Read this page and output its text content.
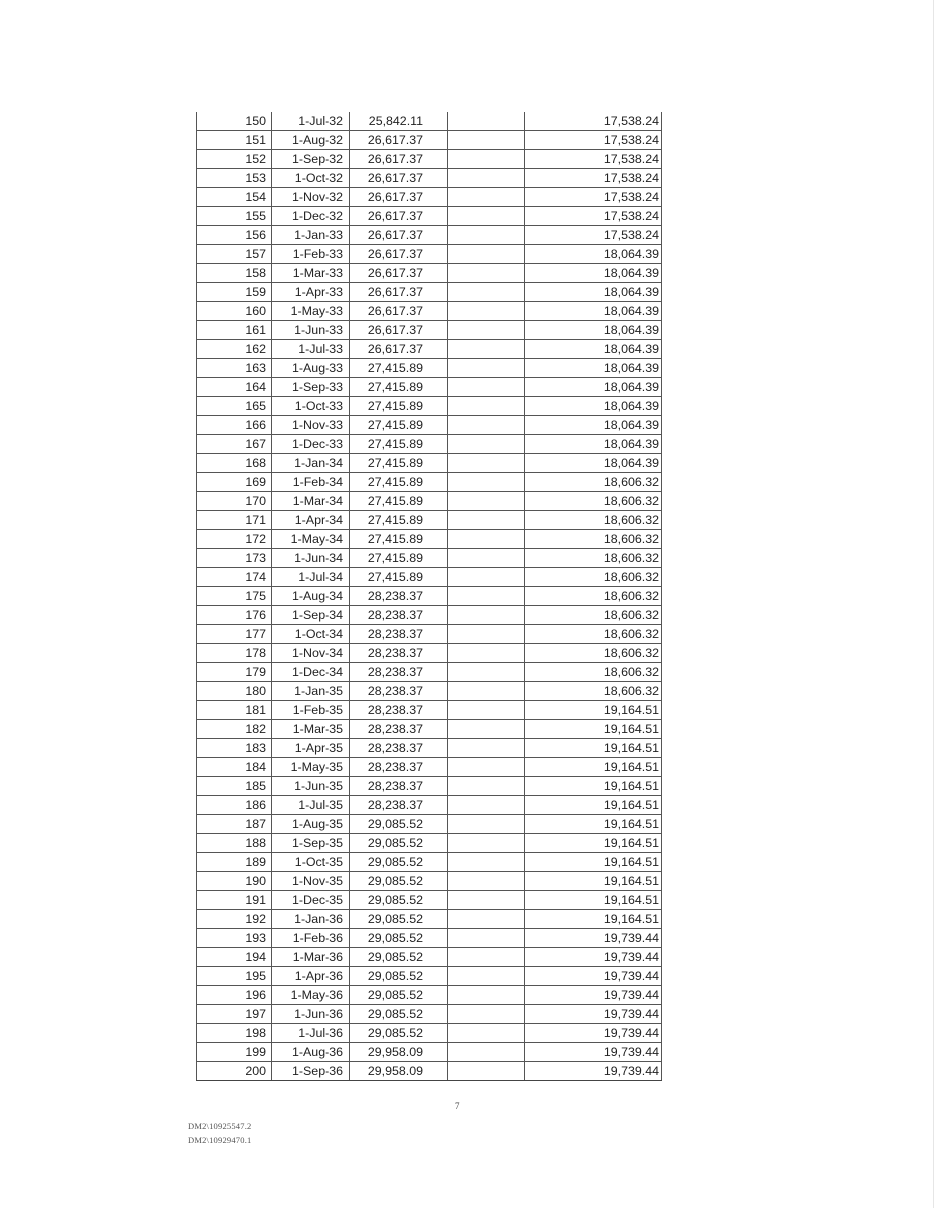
150	1-Jul-32	25,842.11		17,538.24
151	1-Aug-32	26,617.37		17,538.24
152	1-Sep-32	26,617.37		17,538.24
153	1-Oct-32	26,617.37		17,538.24
154	1-Nov-32	26,617.37		17,538.24
155	1-Dec-32	26,617.37		17,538.24
156	1-Jan-33	26,617.37		17,538.24
157	1-Feb-33	26,617.37		18,064.39
158	1-Mar-33	26,617.37		18,064.39
159	1-Apr-33	26,617.37		18,064.39
160	1-May-33	26,617.37		18,064.39
161	1-Jun-33	26,617.37		18,064.39
162	1-Jul-33	26,617.37		18,064.39
163	1-Aug-33	27,415.89		18,064.39
164	1-Sep-33	27,415.89		18,064.39
165	1-Oct-33	27,415.89		18,064.39
166	1-Nov-33	27,415.89		18,064.39
167	1-Dec-33	27,415.89		18,064.39
168	1-Jan-34	27,415.89		18,064.39
169	1-Feb-34	27,415.89		18,606.32
170	1-Mar-34	27,415.89		18,606.32
171	1-Apr-34	27,415.89		18,606.32
172	1-May-34	27,415.89		18,606.32
173	1-Jun-34	27,415.89		18,606.32
174	1-Jul-34	27,415.89		18,606.32
175	1-Aug-34	28,238.37		18,606.32
176	1-Sep-34	28,238.37		18,606.32
177	1-Oct-34	28,238.37		18,606.32
178	1-Nov-34	28,238.37		18,606.32
179	1-Dec-34	28,238.37		18,606.32
180	1-Jan-35	28,238.37		18,606.32
181	1-Feb-35	28,238.37		19,164.51
182	1-Mar-35	28,238.37		19,164.51
183	1-Apr-35	28,238.37		19,164.51
184	1-May-35	28,238.37		19,164.51
185	1-Jun-35	28,238.37		19,164.51
186	1-Jul-35	28,238.37		19,164.51
187	1-Aug-35	29,085.52		19,164.51
188	1-Sep-35	29,085.52		19,164.51
189	1-Oct-35	29,085.52		19,164.51
190	1-Nov-35	29,085.52		19,164.51
191	1-Dec-35	29,085.52		19,164.51
192	1-Jan-36	29,085.52		19,164.51
193	1-Feb-36	29,085.52		19,739.44
194	1-Mar-36	29,085.52		19,739.44
195	1-Apr-36	29,085.52		19,739.44
196	1-May-36	29,085.52		19,739.44
197	1-Jun-36	29,085.52		19,739.44
198	1-Jul-36	29,085.52		19,739.44
199	1-Aug-36	29,958.09		19,739.44
200	1-Sep-36	29,958.09		19,739.44
7
DM2\10925547.2
DM2\10929470.1
